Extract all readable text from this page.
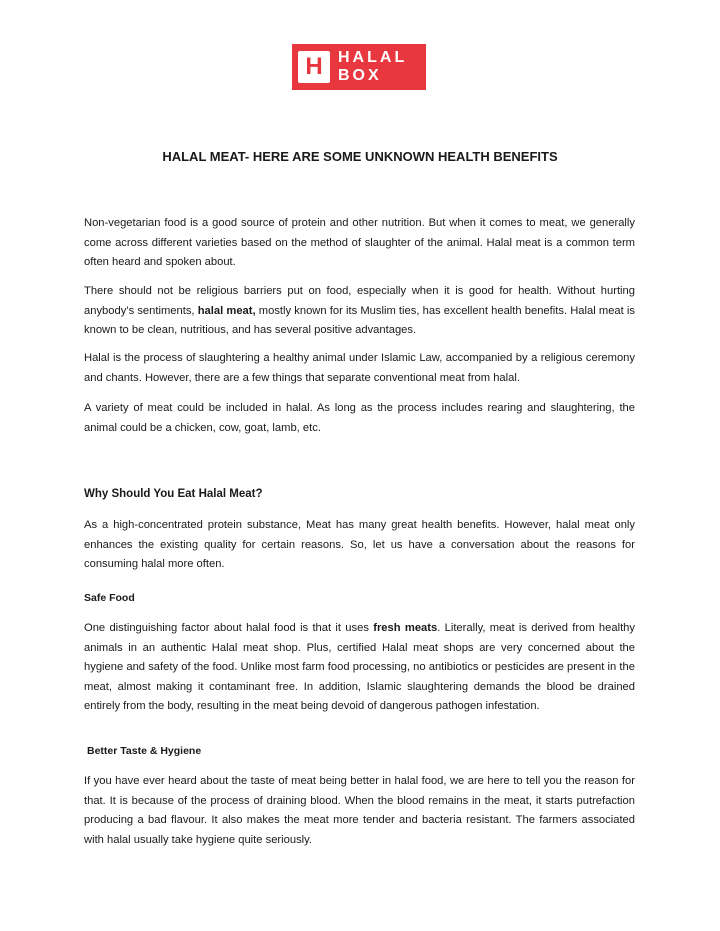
H HALAL
BOX
HALAL MEAT- HERE ARE SOME UNKNOWN HEALTH BENEFITS

Non-vegetarian food is a good source of protein and other nutrition. But when it comes to meat, we generally come across different varieties based on the method of slaughter of the animal. Halal meat is a common term often heard and spoken about.

There should not be religious barriers put on food, especially when it is good for health. Without hurting anybody’s sentiments, halal meat, mostly known for its Muslim ties, has excellent health benefits. Halal meat is known to be clean, nutritious, and has several positive advantages.

Halal is the process of slaughtering a healthy animal under Islamic Law, accompanied by a religious ceremony and chants. However, there are a few things that separate conventional meat from halal.

A variety of meat could be included in halal. As long as the process includes rearing and slaughtering, the animal could be a chicken, cow, goat, lamb, etc.

Why Should You Eat Halal Meat?

As a high-concentrated protein substance, Meat has many great health benefits. However, halal meat only enhances the existing quality for certain reasons. So, let us have a conversation about the reasons for consuming halal more often.

Safe Food

One distinguishing factor about halal food is that it uses fresh meats. Literally, meat is derived from healthy animals in an authentic Halal meat shop. Plus, certified Halal meat shops are very concerned about the hygiene and safety of the food. Unlike most farm food processing, no antibiotics or pesticides are present in the meat, almost making it contaminant free. In addition, Islamic slaughtering demands the blood be drained entirely from the body, resulting in the meat being devoid of dangerous pathogen infestation.

Better Taste & Hygiene

If you have ever heard about the taste of meat being better in halal food, we are here to tell you the reason for that. It is because of the process of draining blood. When the blood remains in the meat, it starts putrefaction producing a bad flavour. It also makes the meat more tender and bacteria resistant. The farmers associated with halal usually take hygiene quite seriously.
